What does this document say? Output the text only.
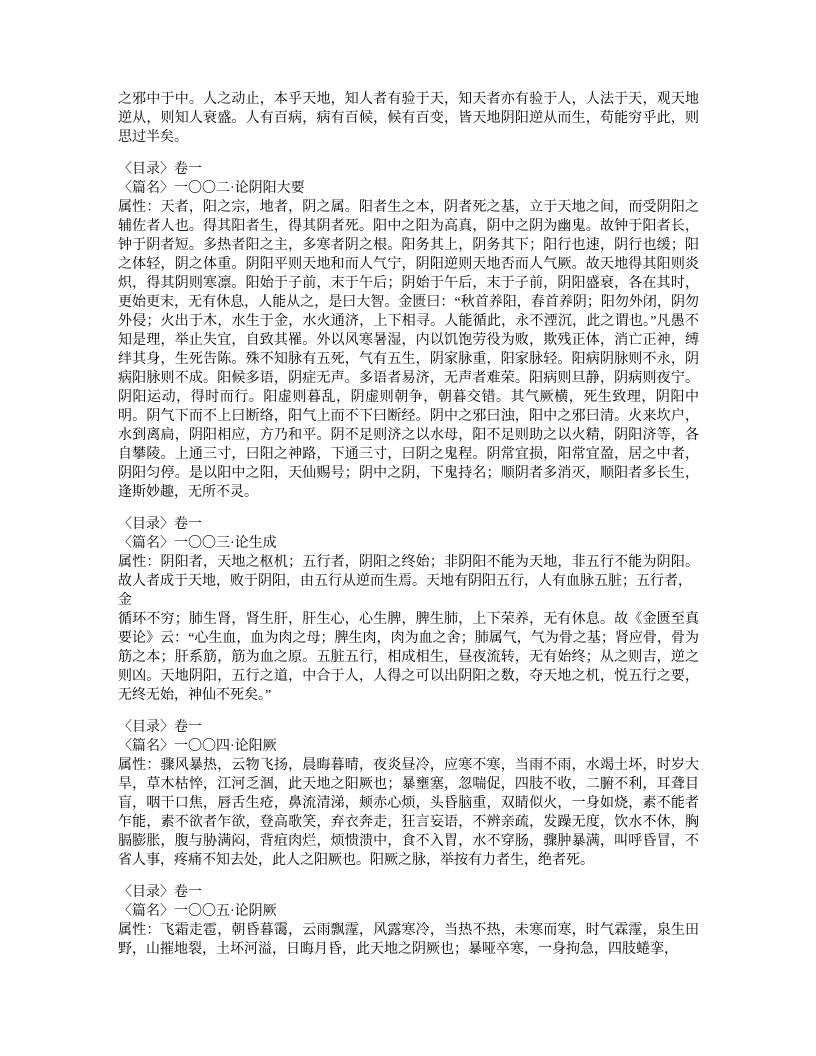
之邪中于中。人之动止，本乎天地，知人者有验于天，知天者亦有验于人，人法于天，观天地逆从，则知人衰盛。人有百病，病有百候，候有百变，皆天地阴阳逆从而生，苟能穷乎此，则思过半矣。

〈目录〉卷一
〈篇名〉一〇〇二·论阴阳大要

属性：天者，阳之宗，地者，阴之属。阳者生之本，阴者死之基，立于天地之间，而受阴阳之辅佐者人也。得其阳者生，得其阴者死。阳中之阳为高真，阴中之阴为幽鬼。故钟于阳者长，钟于阴者短。多热者阳之主，多寒者阴之根。阳务其上，阴务其下；阳行也速，阴行也缓；阳之体轻，阴之体重。阴阳平则天地和而人气宁，阴阳逆则天地否而人气厥。故天地得其阳则炎炽，得其阴则寒凛。阳始于子前，末于午后；阴始于午后，末于子前，阴阳盛衰，各在其时，更始更末，无有休息，人能从之，是曰大智。金匮曰：“秋首养阳，春首养阴；阳勿外闭，阴勿外侵；火出于木，水生于金，水火通济，上下相寻。人能循此，永不湮沉，此之谓也。”凡愚不知是理，举止失宜，自致其罹。外以风寒暑湿，内以饥饱劳役为败，欺残正体，消亡正神，缚绊其身，生死告陈。殊不知脉有五死，气有五生，阴家脉重，阳家脉轻。阳病阴脉则不永，阴病阳脉则不成。阳候多语，阴症无声。多语者易济，无声者难荣。阳病则旦静，阴病则夜宁。阴阳运动，得时而行。阳虚则暮乱，阴虚则朝争，朝暮交错。其气厥横，死生致理，阴阳中明。阴气下而不上曰断络，阳气上而不下曰断经。阴中之邪曰浊，阳中之邪曰清。火来坎户，水到离扃，阴阳相应，方乃和平。阴不足则济之以水母，阳不足则助之以火精，阴阳济等，各自攀陵。上通三寸，曰阳之神路，下通三寸，曰阴之鬼程。阴常宜损，阳常宜盈，居之中者，阴阳匀停。是以阳中之阳，天仙赐号；阴中之阴，下鬼持名；顺阴者多消灭，顺阳者多长生，逢斯妙趣，无所不灵。

〈目录〉卷一
〈篇名〉一〇〇三·论生成

属性：阴阳者，天地之枢机；五行者，阴阳之终始；非阴阳不能为天地，非五行不能为阴阳。故人者成于天地，败于阴阳，由五行从逆而生焉。天地有阴阳五行，人有血脉五脏；五行者，

金

循环不穷；肺生肾，肾生肝，肝生心，心生脾，脾生肺，上下荣养，无有休息。故《金匮至真要论》云：“心生血，血为肉之母；脾生肉，肉为血之舍；肺属气，气为骨之基；肾应骨，骨为筋之本；肝系筋，筋为血之原。五脏五行，相成相生，昼夜流转，无有始终；从之则吉，逆之则凶。天地阴阳，五行之道，中合于人，人得之可以出阴阳之数，夺天地之机，悦五行之要，无终无始，神仙不死矣。”

〈目录〉卷一
〈篇名〉一〇〇四·论阳厥

属性：骤风暴热，云物飞扬，晨晦暮晴，夜炎昼冷，应寒不寒，当雨不雨，水竭土坏，时岁大旱，草木枯悴，江河乏涸，此天地之阳厥也；暴壅塞，忽喘促，四肢不收，二腑不利，耳聋目盲，咽干口焦，唇舌生疮，鼻流清涕，颊赤心烦，头昏脑重，双睛似火，一身如烧，素不能者乍能，素不欲者乍欲，登高歌笑，弃衣奔走，狂言妄语，不辨亲疏，发躁无度，饮水不休，胸膈膨胀，腹与胁满闷，背疽肉烂，烦愦溃中，食不入胃，水不穿肠，骤肿暴满，叫呼昏冒，不省人事，疼痛不知去处，此人之阳厥也。阳厥之脉，举按有力者生，绝者死。

〈目录〉卷一
〈篇名〉一〇〇五·论阴厥

属性：飞霜走雹，朝昏暮霭，云雨飘霪，风露寒冷，当热不热，未寒而寒，时气霖霪，泉生田野，山摧地裂，土坏河溢，日晦月昏，此天地之阴厥也；暴哑卒寒，一身拘急，四肢蜷挛，
